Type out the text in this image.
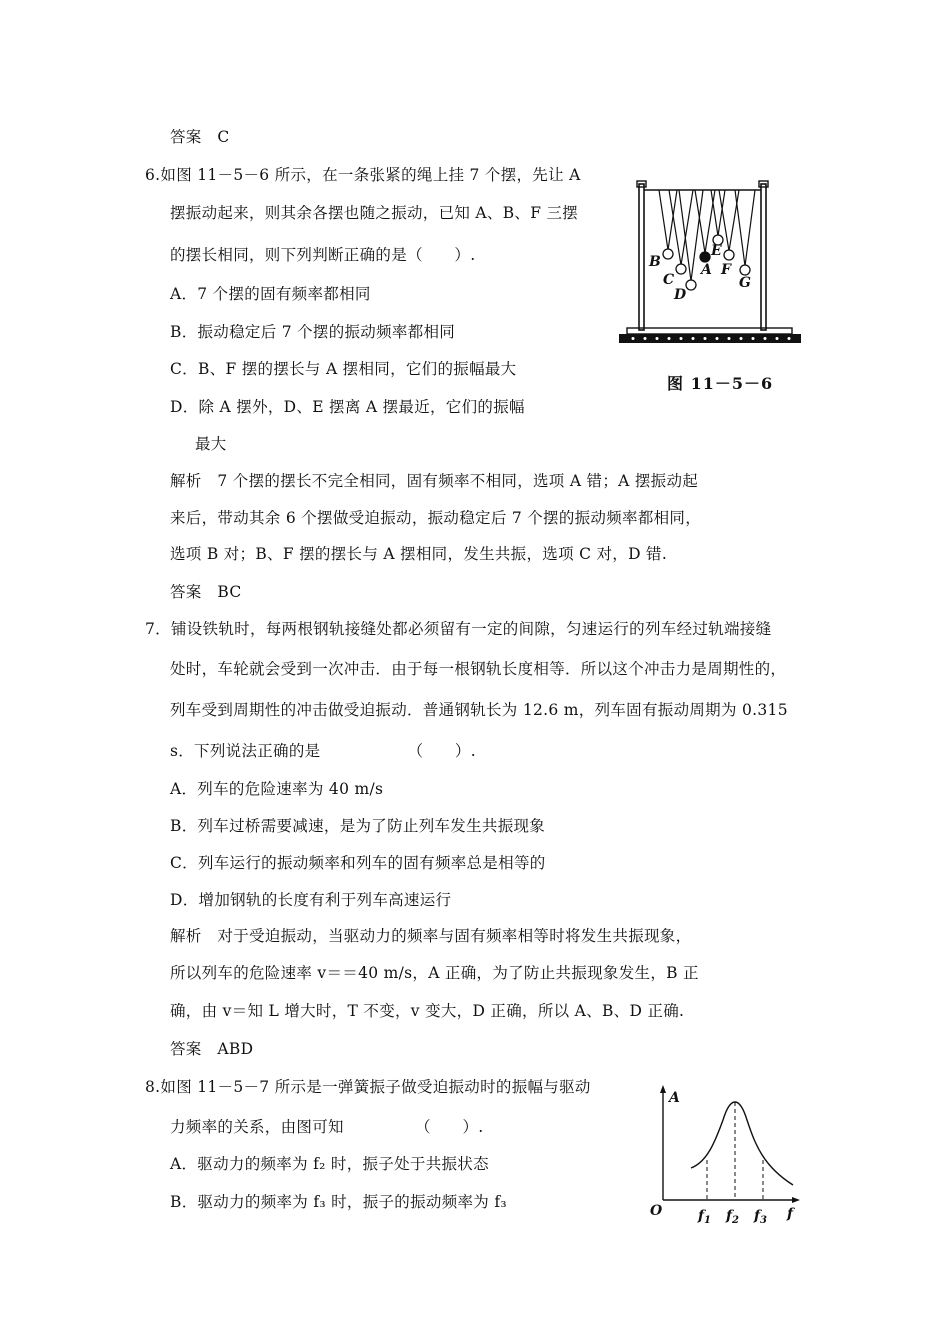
答案　C
6.如图 11－5－6 所示，在一条张紧的绳上挂 7 个摆，先让 A
摆振动起来，则其余各摆也随之振动，已知 A、B、F 三摆
的摆长相同，则下列判断正确的是（　　）.
A．7 个摆的固有频率都相同
B．振动稳定后 7 个摆的振动频率都相同
C．B、F 摆的摆长与 A 摆相同，它们的振幅最大
D．除 A 摆外，D、E 摆离 A 摆最近，它们的振幅
最大
解析　7 个摆的摆长不完全相同，固有频率不相同，选项 A 错；A 摆振动起
来后，带动其余 6 个摆做受迫振动，振动稳定后 7 个摆的振动频率都相同，
选项 B 对；B、F 摆的摆长与 A 摆相同，发生共振，选项 C 对，D 错.
答案　BC
7．铺设铁轨时，每两根钢轨接缝处都必须留有一定的间隙，匀速运行的列车经过轨端接缝
处时，车轮就会受到一次冲击．由于每一根钢轨长度相等．所以这个冲击力是周期性的，
列车受到周期性的冲击做受迫振动．普通钢轨长为 12.6 m，列车固有振动周期为 0.315
s．下列说法正确的是　　　　　　（　　）.
A．列车的危险速率为 40 m/s
B．列车过桥需要减速，是为了防止列车发生共振现象
C．列车运行的振动频率和列车的固有频率总是相等的
D．增加钢轨的长度有利于列车高速运行
解析　对于受迫振动，当驱动力的频率与固有频率相等时将发生共振现象，
所以列车的危险速率 v＝＝40 m/s，A 正确，为了防止共振现象发生，B 正
确，由 v＝知 L 增大时，T 不变，v 变大，D 正确，所以 A、B、D 正确.
答案　ABD
8.如图 11－5－7 所示是一弹簧振子做受迫振动时的振幅与驱动
力频率的关系，由图可知　　　　　（　　）.
A．驱动力的频率为 f₂ 时，振子处于共振状态
B．驱动力的频率为 f₃ 时，振子的振动频率为 f₃
B
C
D
A
E
F
G
图 11－5－6
A
O	f
$f_1$ $f_2$ $f_3$
